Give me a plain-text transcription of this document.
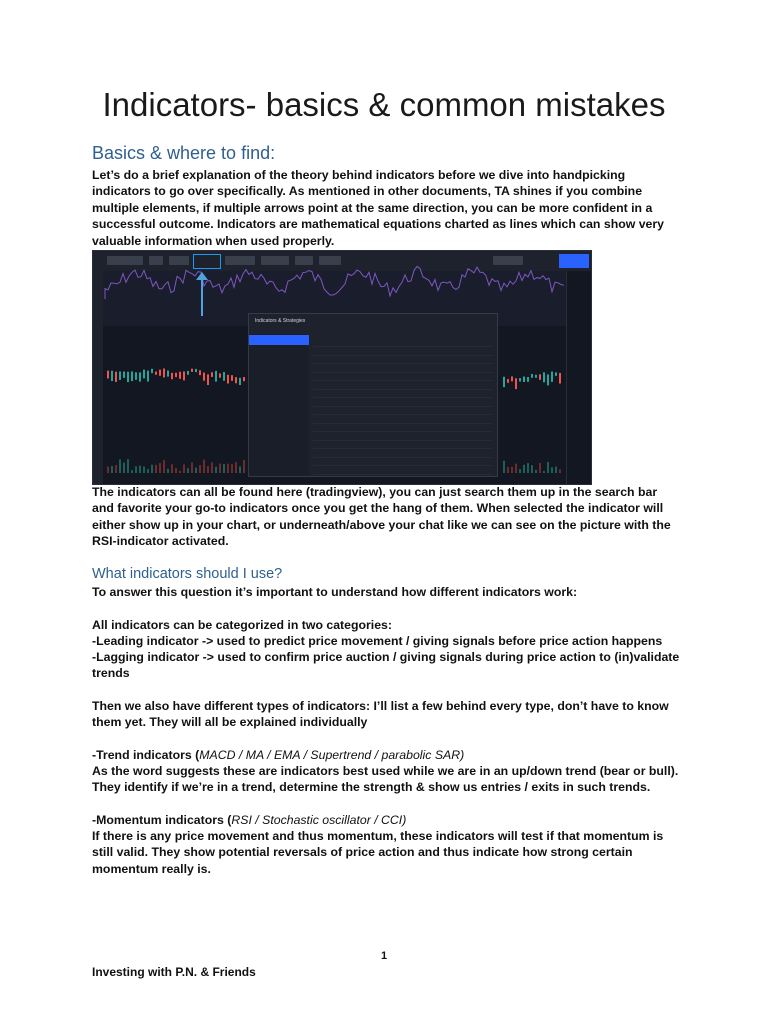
Indicators- basics & common mistakes
Basics & where to find:

Let’s do a brief explanation of the theory behind indicators before we dive into handpicking indicators to go over specifically. As mentioned in other documents, TA shines if you combine multiple elements, if multiple arrows point at the same direction, you can be more confident in a successful outcome. Indicators are mathematical equations charted as lines which can show very valuable information when used properly.

Indicators & Strategies

The indicators can all be found here (tradingview), you can just search them up in the search bar and favorite your go-to indicators once you get the hang of them. When selected the indicator will either show up in your chart, or underneath/above your chat like we can see on the picture with the RSI-indicator activated.

What indicators should I use?

To answer this question it’s important to understand how different indicators work:

All indicators can be categorized in two categories:

-Leading indicator -> used to predict price movement / giving signals before price action happens

-Lagging indicator -> used to confirm price auction / giving signals during price action to (in)validate trends

Then we also have different types of indicators: I’ll list a few behind every type, don’t have to know them yet. They will all be explained individually

-Trend indicators (MACD / MA / EMA / Supertrend / parabolic SAR)

As the word suggests these are indicators best used while we are in an up/down trend (bear or bull). They identify if we’re in a trend, determine the strength & show us entries / exits in such trends.

-Momentum indicators (RSI / Stochastic oscillator / CCI)

If there is any price movement and thus momentum, these indicators will test if that momentum is still valid. They show potential reversals of price action and thus indicate how strong certain momentum really is.

1
Investing with P.N. & Friends
